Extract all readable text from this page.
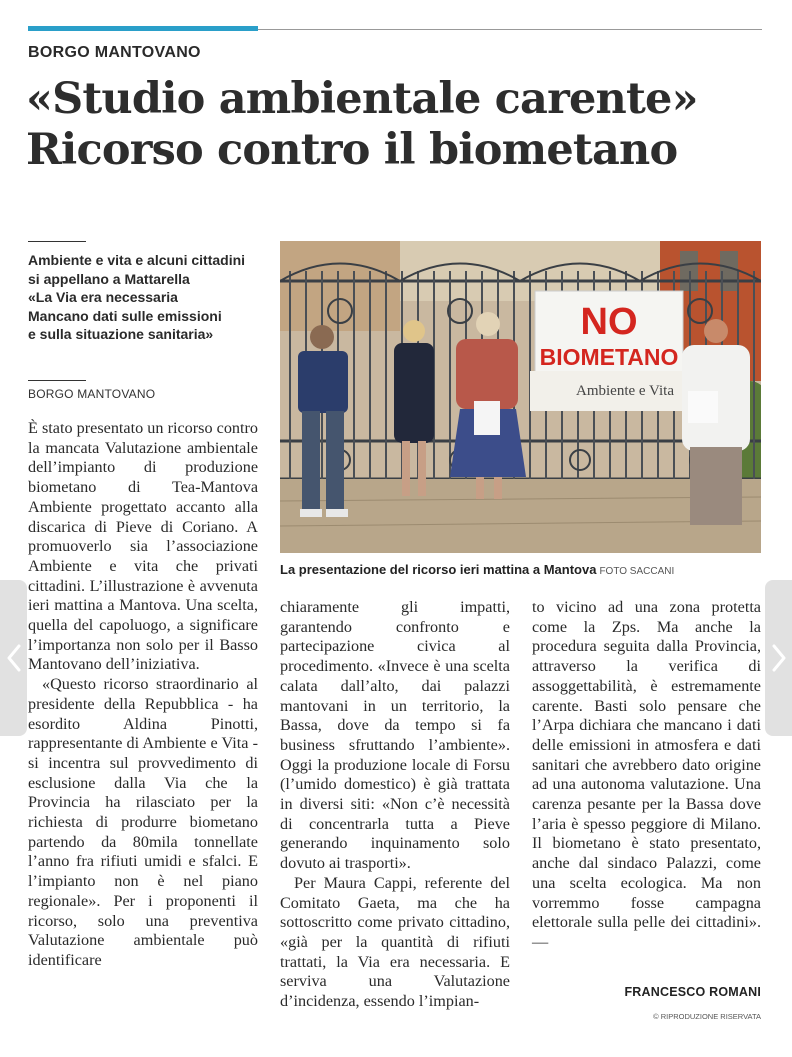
BORGO MANTOVANO
«Studio ambientale carente»
Ricorso contro il biometano
Ambiente e vita e alcuni cittadini
si appellano a Mattarella
«La Via era necessaria
Mancano dati sulle emissioni
e sulla situazione sanitaria»
BORGO MANTOVANO

È stato presentato un ricorso contro la mancata Valutazione ambientale dell’impianto di produzione biometano di Tea-Mantova Ambiente progettato accanto alla discarica di Pieve di Coriano. A promuoverlo sia l’associazione Ambiente e vita che privati cittadini. L’illustrazione è avvenuta ieri mattina a Mantova. Una scelta, quella del capoluogo, a significare l’importanza non solo per il Basso Mantovano dell’iniziativa.

«Questo ricorso straordinario al presidente della Repubblica - ha esordito Aldina Pinotti, rappresentante di Ambiente e Vita - si incentra sul provvedimento di esclusione dalla Via che la Provincia ha rilasciato per la richiesta di produrre biometano partendo da 80mila tonnellate l’anno fra rifiuti umidi e sfalci. E l’impianto non è nel piano regionale». Per i proponenti il ricorso, solo una preventiva Valutazione ambientale può identificare

chiaramente gli impatti, garantendo confronto e partecipazione civica al procedimento. «Invece è una scelta calata dall’alto, dai palazzi mantovani in un territorio, la Bassa, dove da tempo si fa business sfruttando l’ambiente». Oggi la produzione locale di Forsu (l’umido domestico) è già trattata in diversi siti: «Non c’è necessità di concentrarla tutta a Pieve generando inquinamento solo dovuto ai trasporti».

Per Maura Cappi, referente del Comitato Gaeta, ma che ha sottoscritto come privato cittadino, «già per la quantità di rifiuti trattati, la Via era necessaria. E serviva una Valutazione d’incidenza, essendo l’impian-

to vicino ad una zona protetta come la Zps. Ma anche la procedura seguita dalla Provincia, attraverso la verifica di assoggettabilità, è estremamente carente. Basti solo pensare che l’Arpa dichiara che mancano i dati delle emissioni in atmosfera e dati sanitari che avrebbero dato origine ad una autonoma valutazione. Una carenza pesante per la Bassa dove l’aria è spesso peggiore di Milano. Il biometano è stato presentato, anche dal sindaco Palazzi, come una scelta ecologica. Ma non vorremmo fosse campagna elettorale sulla pelle dei cittadini». —

NO
BIOMETANO
Ambiente e Vita
La presentazione del ricorso ieri mattina a Mantova FOTO SACCANI
FRANCESCO ROMANI
© RIPRODUZIONE RISERVATA
